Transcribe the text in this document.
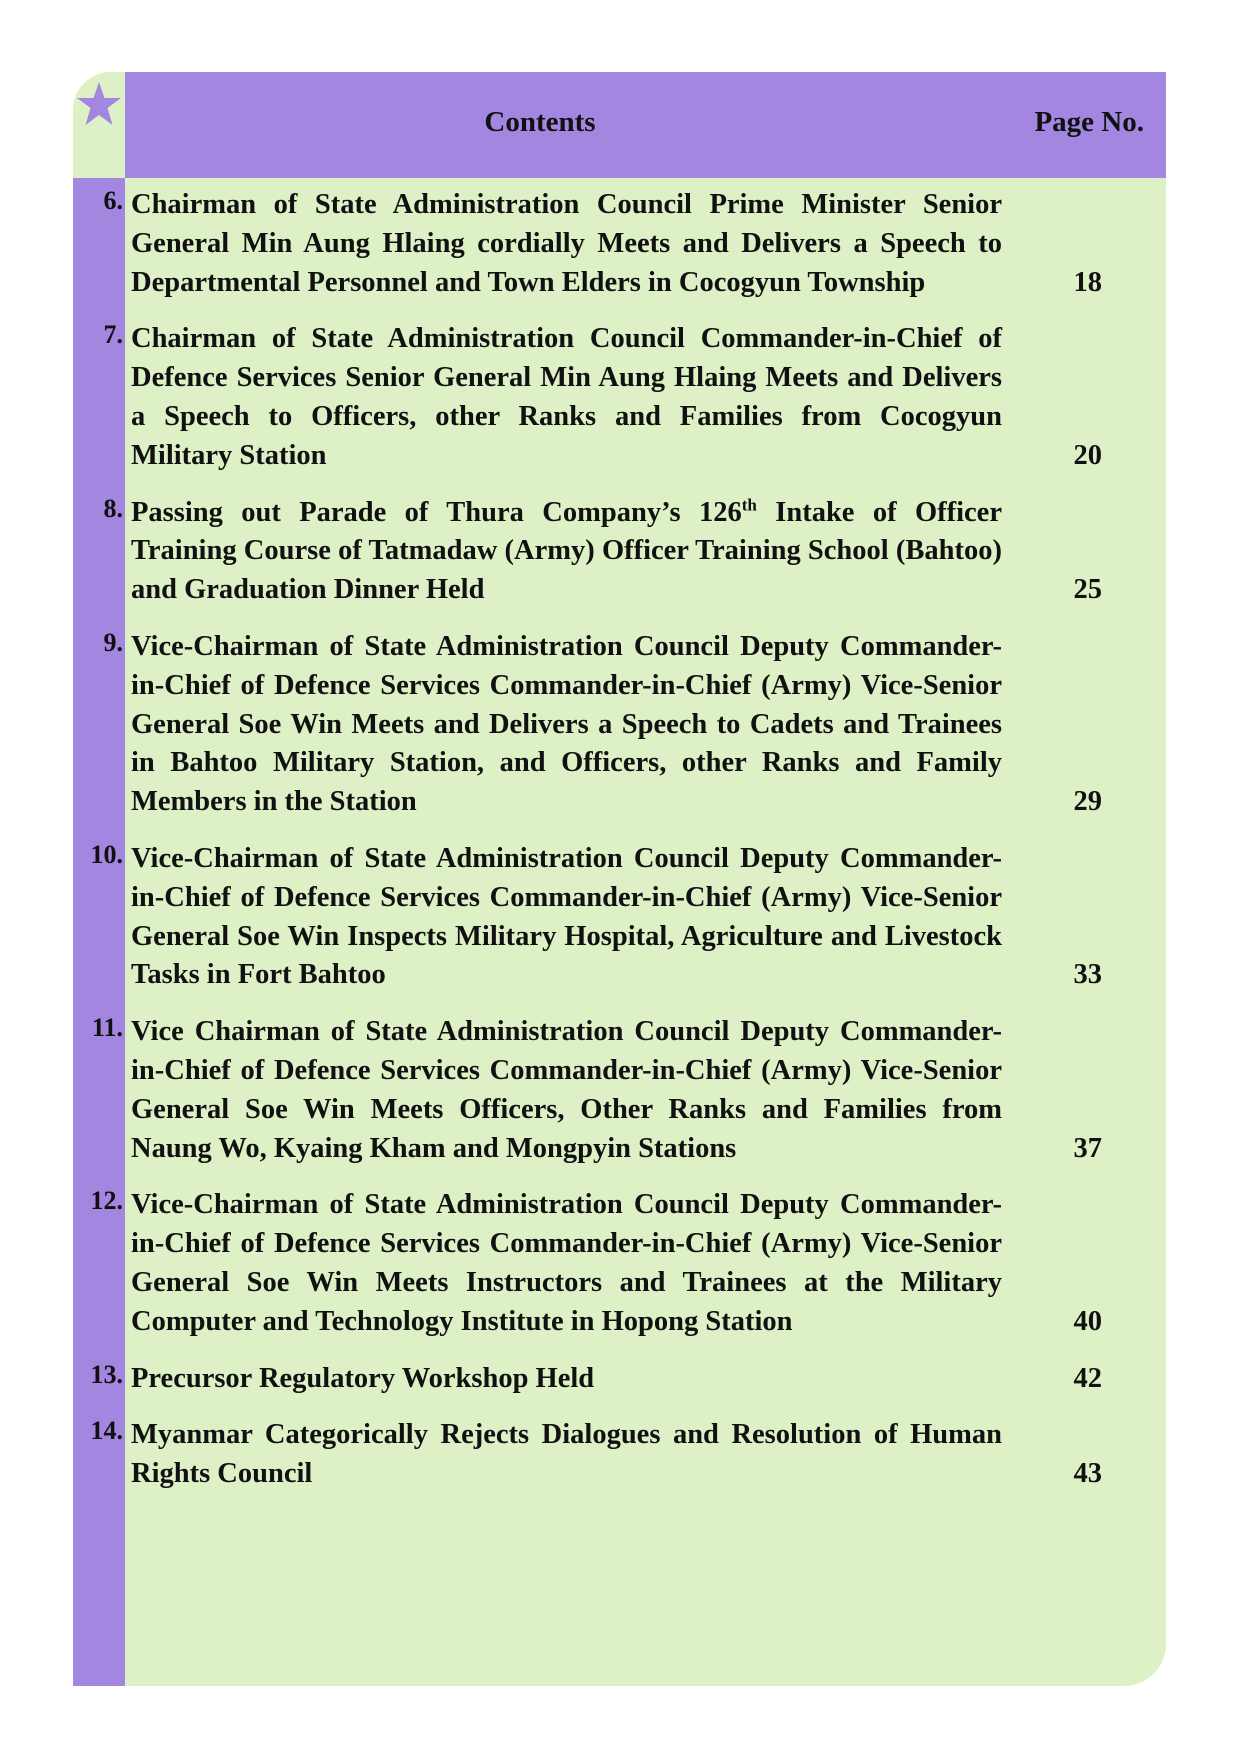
Contents	Page No.
6. Chairman of State Administration Council Prime Minister Senior General Min Aung Hlaing cordially Meets and Delivers a Speech to Departmental Personnel and Town Elders in Cocogyun Township	18
7. Chairman of State Administration Council Commander-in-Chief of Defence Services Senior General Min Aung Hlaing Meets and Delivers a Speech to Officers, other Ranks and Families from Cocogyun Military Station	20
8. Passing out Parade of Thura Company’s 126th Intake of Officer Training Course of Tatmadaw (Army) Officer Training School (Bahtoo) and Graduation Dinner Held	25
9. Vice-Chairman of State Administration Council Deputy Commander-in-Chief of Defence Services Commander-in-Chief (Army) Vice-Senior General Soe Win Meets and Delivers a Speech to Cadets and Trainees in Bahtoo Military Station, and Officers, other Ranks and Family Members in the Station	29
10. Vice-Chairman of State Administration Council Deputy Commander-in-Chief of Defence Services Commander-in-Chief (Army) Vice-Senior General Soe Win Inspects Military Hospital, Agriculture and Livestock Tasks in Fort Bahtoo	33
11. Vice Chairman of State Administration Council Deputy Commander-in-Chief of Defence Services Commander-in-Chief (Army) Vice-Senior General Soe Win Meets Officers, Other Ranks and Families from Naung Wo, Kyaing Kham and Mongpyin Stations	37
12. Vice-Chairman of State Administration Council Deputy Commander-in-Chief of Defence Services Commander-in-Chief (Army) Vice-Senior General Soe Win Meets Instructors and Trainees at the Military Computer and Technology Institute in Hopong Station	40
13. Precursor Regulatory Workshop Held	42
14. Myanmar Categorically Rejects Dialogues and Resolution of Human Rights Council	43
